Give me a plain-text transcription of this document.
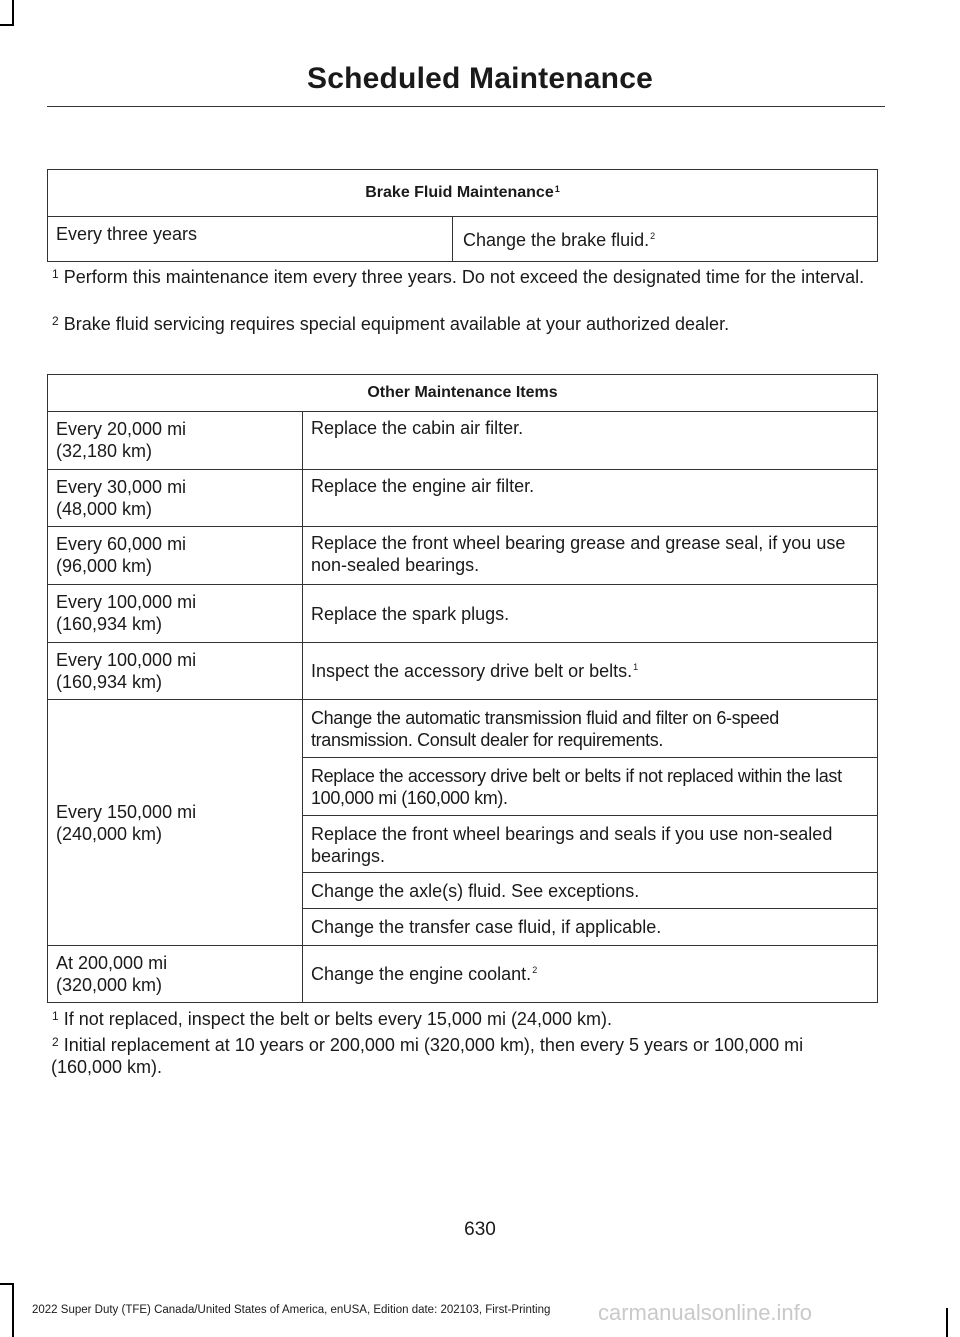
Scheduled Maintenance
Brake Fluid Maintenance$^1$

Every three years	Change the brake fluid.$^2$
$^1$ Perform this maintenance item every three years. Do not exceed the designated time for the interval.
$^2$ Brake fluid servicing requires special equipment available at your authorized dealer.
Other Maintenance Items	

Every 20,000 mi (32,180 km)	Replace the cabin air filter.

Every 30,000 mi (48,000 km)	Replace the engine air filter.

Every 60,000 mi (96,000 km)	Replace the front wheel bearing grease and grease seal, if you use non-sealed bearings.

Every 100,000 mi (160,934 km)	Replace the spark plugs.

Every 100,000 mi (160,934 km)	Inspect the accessory drive belt or belts.$^1$

Every 150,000 mi (240,000 km)	Change the automatic transmission fluid and filter on 6-speed transmission. Consult dealer for requirements.

	Replace the accessory drive belt or belts if not replaced within the last 100,000 mi (160,000 km).

	Replace the front wheel bearings and seals if you use non-sealed bearings.

	Change the axle(s) fluid. See exceptions.

	Change the transfer case fluid, if applicable.

At 200,000 mi (320,000 km)	Change the engine coolant.$^2$
$^1$ If not replaced, inspect the belt or belts every 15,000 mi (24,000 km).
$^2$ Initial replacement at 10 years or 200,000 mi (320,000 km), then every 5 years or 100,000 mi (160,000 km).
630
2022 Super Duty (TFE) Canada/United States of America, enUSA, Edition date: 202103, First-Printing carmanualsonline.info
